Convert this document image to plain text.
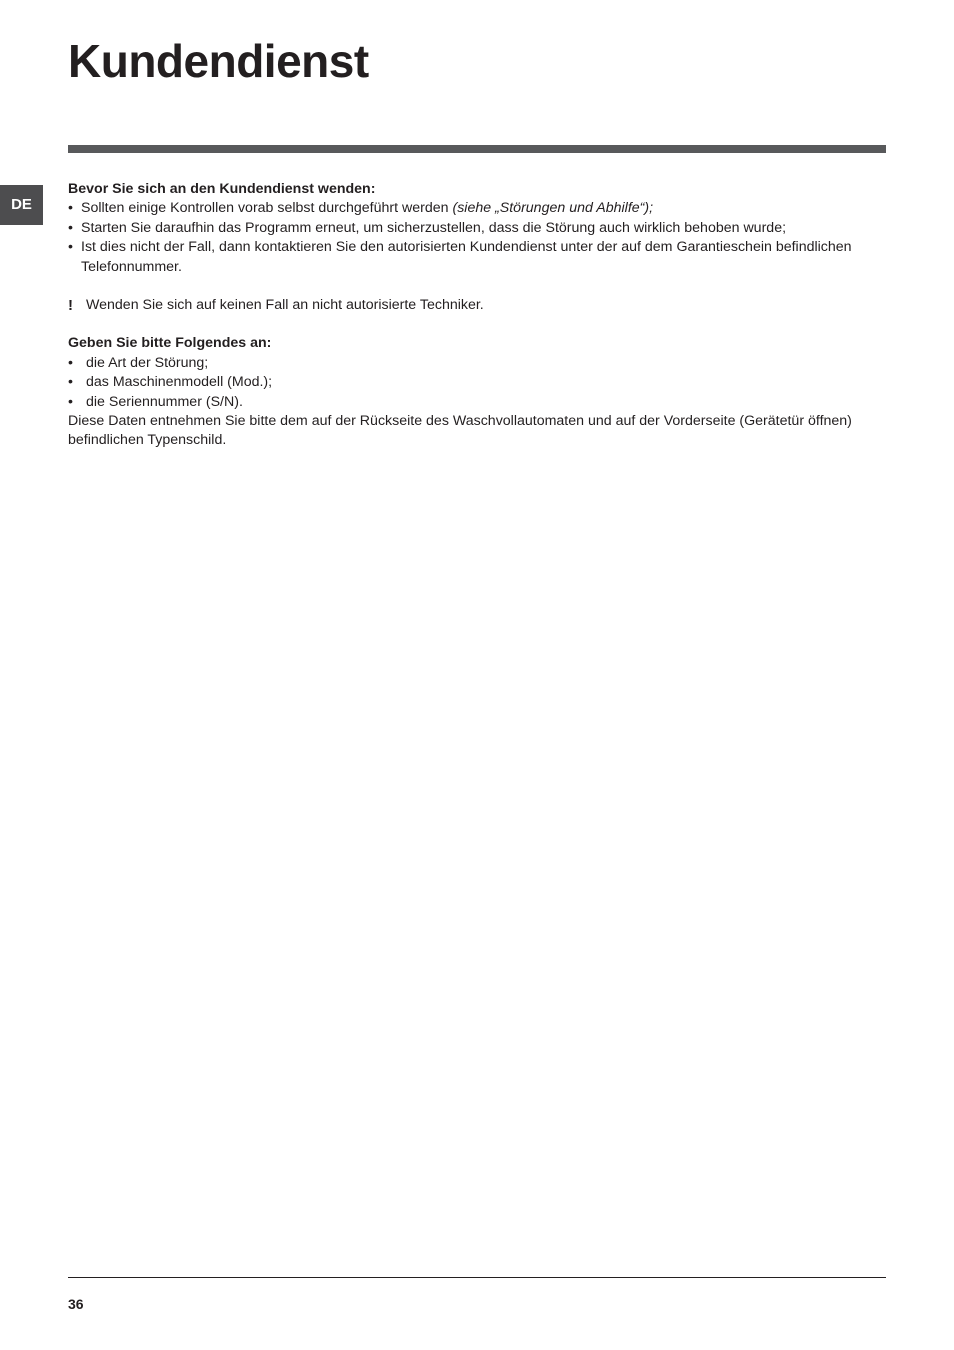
Kundendienst
DE

Bevor Sie sich an den Kundendienst wenden:

• Sollten einige Kontrollen vorab selbst durchgeführt werden (siehe „Störungen und Abhilfe“);
• Starten Sie daraufhin das Programm erneut, um sicherzustellen, dass die Störung auch wirklich behoben wurde;
• Ist dies nicht der Fall, dann kontaktieren Sie den autorisierten Kundendienst unter der auf dem Garantieschein befindlichen Telefonnummer.
! Wenden Sie sich auf keinen Fall an nicht autorisierte Techniker.

Geben Sie bitte Folgendes an:

• die Art der Störung;
• das Maschinenmodell (Mod.);
• die Seriennummer (S/N).

Diese Daten entnehmen Sie bitte dem auf der Rückseite des Waschvollautomaten und auf der Vorderseite (Gerätetür öffnen) befindlichen Typenschild.

36
